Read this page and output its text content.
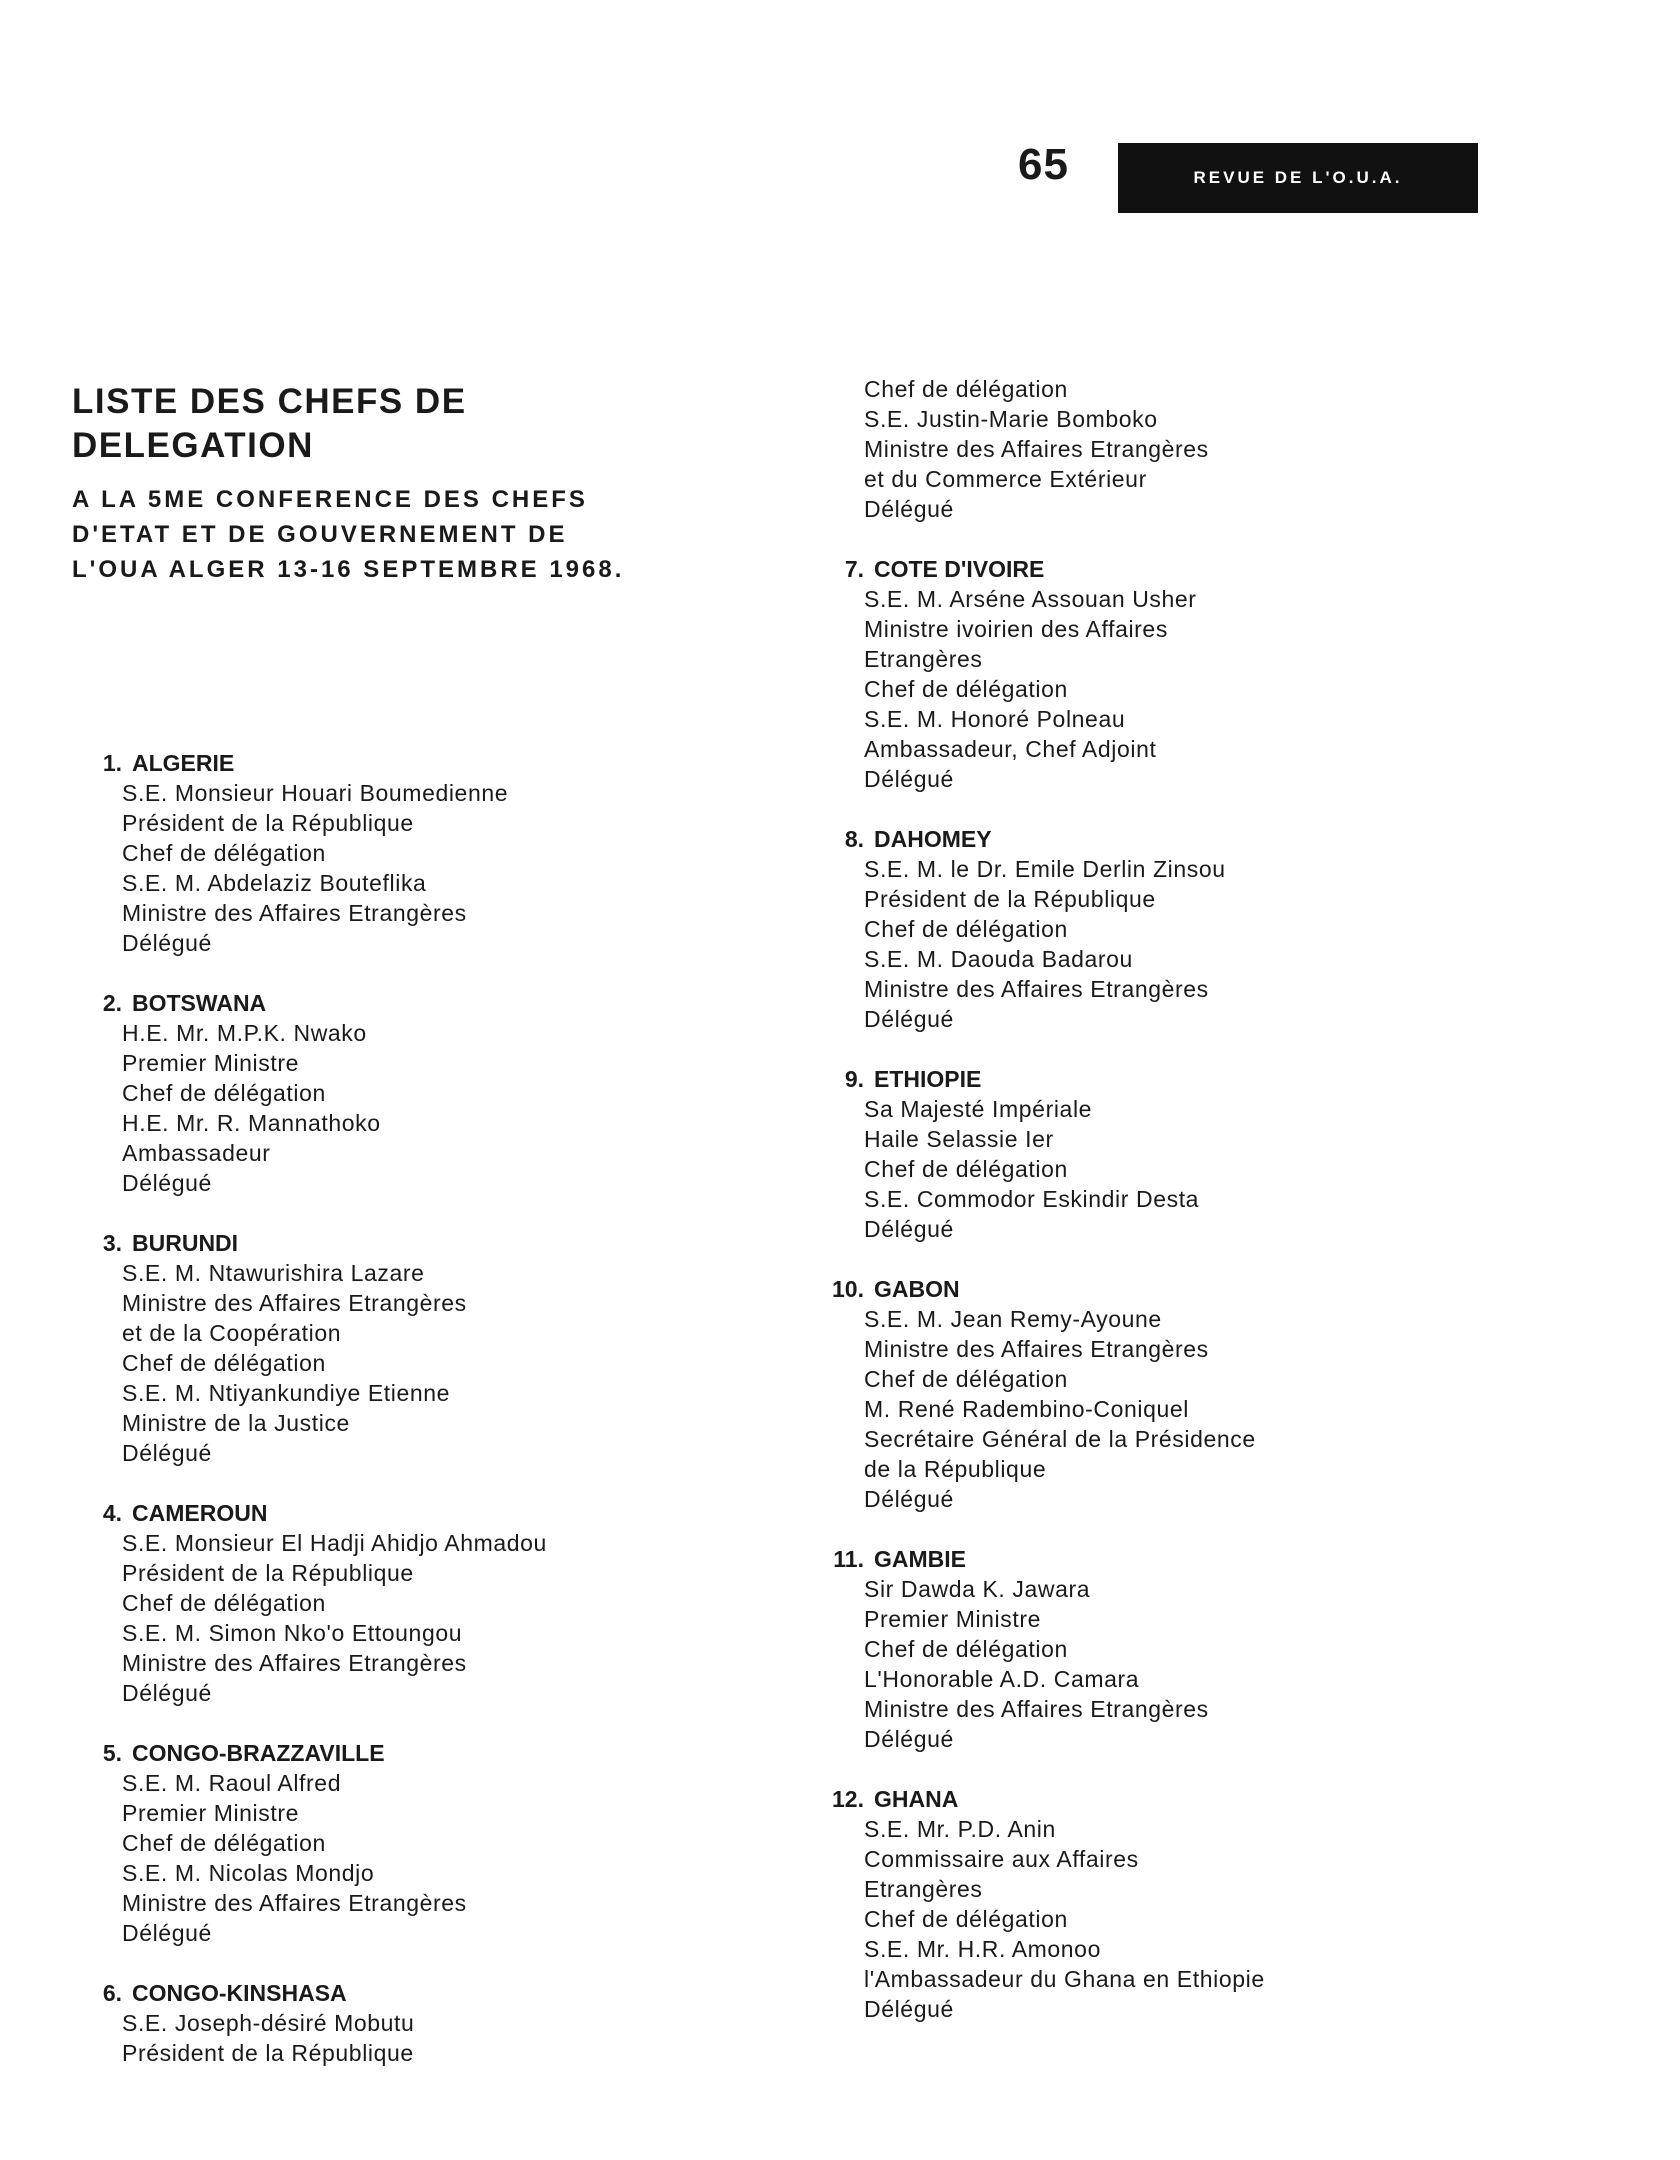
65	REVUE DE L'O.U.A.
LISTE DES CHEFS DE
DELEGATION
A LA 5ME CONFERENCE DES CHEFS
D'ETAT ET DE GOUVERNEMENT DE
L'OUA ALGER 13-16 SEPTEMBRE 1968.
1. ALGERIE
S.E. Monsieur Houari Boumedienne
Président de la République
Chef de délégation
S.E. M. Abdelaziz Bouteflika
Ministre des Affaires Etrangères
Délégué
2. BOTSWANA
H.E. Mr. M.P.K. Nwako
Premier Ministre
Chef de délégation
H.E. Mr. R. Mannathoko
Ambassadeur
Délégué
3. BURUNDI
S.E. M. Ntawurishira Lazare
Ministre des Affaires Etrangères
et de la Coopération
Chef de délégation
S.E. M. Ntiyankundiye Etienne
Ministre de la Justice
Délégué
4. CAMEROUN
S.E. Monsieur El Hadji Ahidjo Ahmadou
Président de la République
Chef de délégation
S.E. M. Simon Nko'o Ettoungou
Ministre des Affaires Etrangères
Délégué
5. CONGO-BRAZZAVILLE
S.E. M. Raoul Alfred
Premier Ministre
Chef de délégation
S.E. M. Nicolas Mondjo
Ministre des Affaires Etrangères
Délégué
6. CONGO-KINSHASA
S.E. Joseph-désiré Mobutu
Président de la République
Chef de délégation
S.E. Justin-Marie Bomboko
Ministre des Affaires Etrangères
et du Commerce Extérieur
Délégué
7. COTE D'IVOIRE
S.E. M. Arséne Assouan Usher
Ministre ivoirien des Affaires
Etrangères
Chef de délégation
S.E. M. Honoré Polneau
Ambassadeur, Chef Adjoint
Délégué
8. DAHOMEY
S.E. M. le Dr. Emile Derlin Zinsou
Président de la République
Chef de délégation
S.E. M. Daouda Badarou
Ministre des Affaires Etrangères
Délégué
9. ETHIOPIE
Sa Majesté Impériale
Haile Selassie Ier
Chef de délégation
S.E. Commodor Eskindir Desta
Délégué
10. GABON
S.E. M. Jean Remy-Ayoune
Ministre des Affaires Etrangères
Chef de délégation
M. René Radembino-Coniquel
Secrétaire Général de la Présidence
de la République
Délégué
11. GAMBIE
Sir Dawda K. Jawara
Premier Ministre
Chef de délégation
L'Honorable A.D. Camara
Ministre des Affaires Etrangères
Délégué
12. GHANA
S.E. Mr. P.D. Anin
Commissaire aux Affaires
Etrangères
Chef de délégation
S.E. Mr. H.R. Amonoo
l'Ambassadeur du Ghana en Ethiopie
Délégué
